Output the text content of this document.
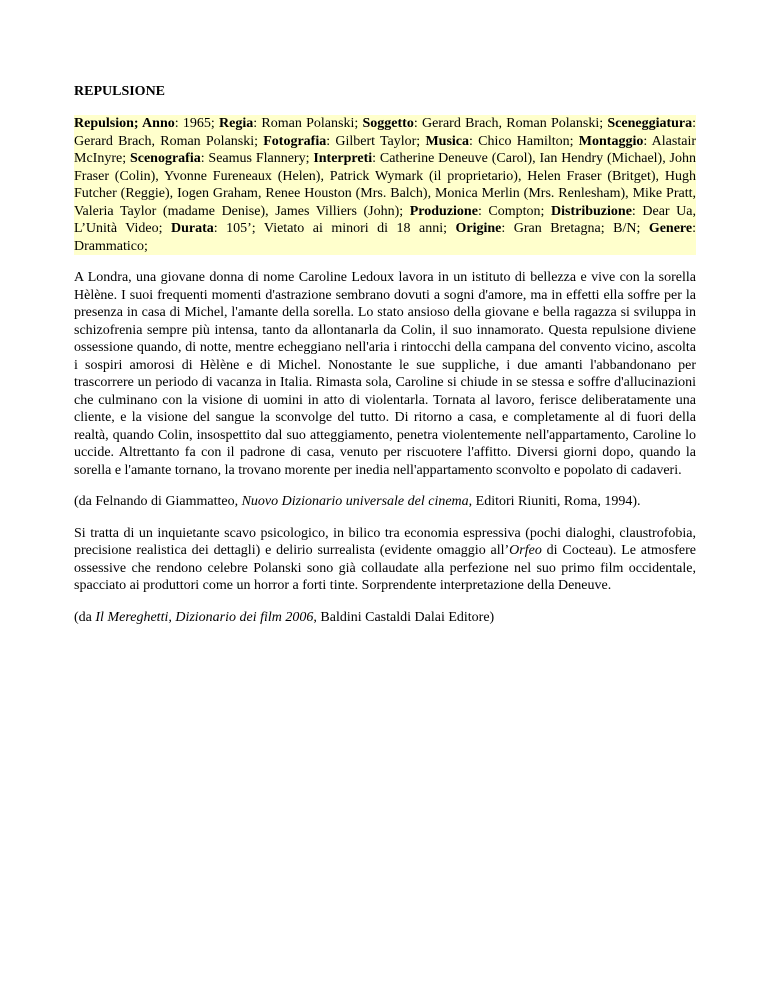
REPULSIONE

Repulsion; Anno: 1965; Regia: Roman Polanski; Soggetto: Gerard Brach, Roman Polanski; Sceneggiatura: Gerard Brach, Roman Polanski; Fotografia: Gilbert Taylor; Musica: Chico Hamilton; Montaggio: Alastair McInyre; Scenografia: Seamus Flannery; Interpreti: Catherine Deneuve (Carol), Ian Hendry (Michael), John Fraser (Colin), Yvonne Fureneaux (Helen), Patrick Wymark (il proprietario), Helen Fraser (Britget), Hugh Futcher (Reggie), Iogen Graham, Renee Houston (Mrs. Balch), Monica Merlin (Mrs. Renlesham), Mike Pratt, Valeria Taylor (madame Denise), James Villiers (John); Produzione: Compton; Distribuzione: Dear Ua, L’Unità Video; Durata: 105’; Vietato ai minori di 18 anni; Origine: Gran Bretagna; B/N; Genere: Drammatico;

A Londra, una giovane donna di nome Caroline Ledoux lavora in un istituto di bellezza e vive con la sorella Hèlène. I suoi frequenti momenti d'astrazione sembrano dovuti a sogni d'amore, ma in effetti ella soffre per la presenza in casa di Michel, l'amante della sorella. Lo stato ansioso della giovane e bella ragazza si sviluppa in schizofrenia sempre più intensa, tanto da allontanarla da Colin, il suo innamorato. Questa repulsione diviene ossessione quando, di notte, mentre echeggiano nell'aria i rintocchi della campana del convento vicino, ascolta i sospiri amorosi di Hèlène e di Michel. Nonostante le sue suppliche, i due amanti l'abbandonano per trascorrere un periodo di vacanza in Italia. Rimasta sola, Caroline si chiude in se stessa e soffre d'allucinazioni che culminano con la visione di uomini in atto di violentarla. Tornata al lavoro, ferisce deliberatamente una cliente, e la visione del sangue la sconvolge del tutto. Di ritorno a casa, e completamente al di fuori della realtà, quando Colin, insospettito dal suo atteggiamento, penetra violentemente nell'appartamento, Caroline lo uccide. Altrettanto fa con il padrone di casa, venuto per riscuotere l'affitto. Diversi giorni dopo, quando la sorella e l'amante tornano, la trovano morente per inedia nell'appartamento sconvolto e popolato di cadaveri.

(da Felnando di Giammatteo, Nuovo Dizionario universale del cinema, Editori Riuniti, Roma, 1994).

Si tratta di un inquietante scavo psicologico, in bilico tra economia espressiva (pochi dialoghi, claustrofobia, precisione realistica dei dettagli) e delirio surrealista (evidente omaggio all’Orfeo di Cocteau). Le atmosfere ossessive che rendono celebre Polanski sono già collaudate alla perfezione nel suo primo film occidentale, spacciato ai produttori come un horror a forti tinte. Sorprendente interpretazione della Deneuve.

(da Il Mereghetti, Dizionario dei film 2006, Baldini Castaldi Dalai Editore)
